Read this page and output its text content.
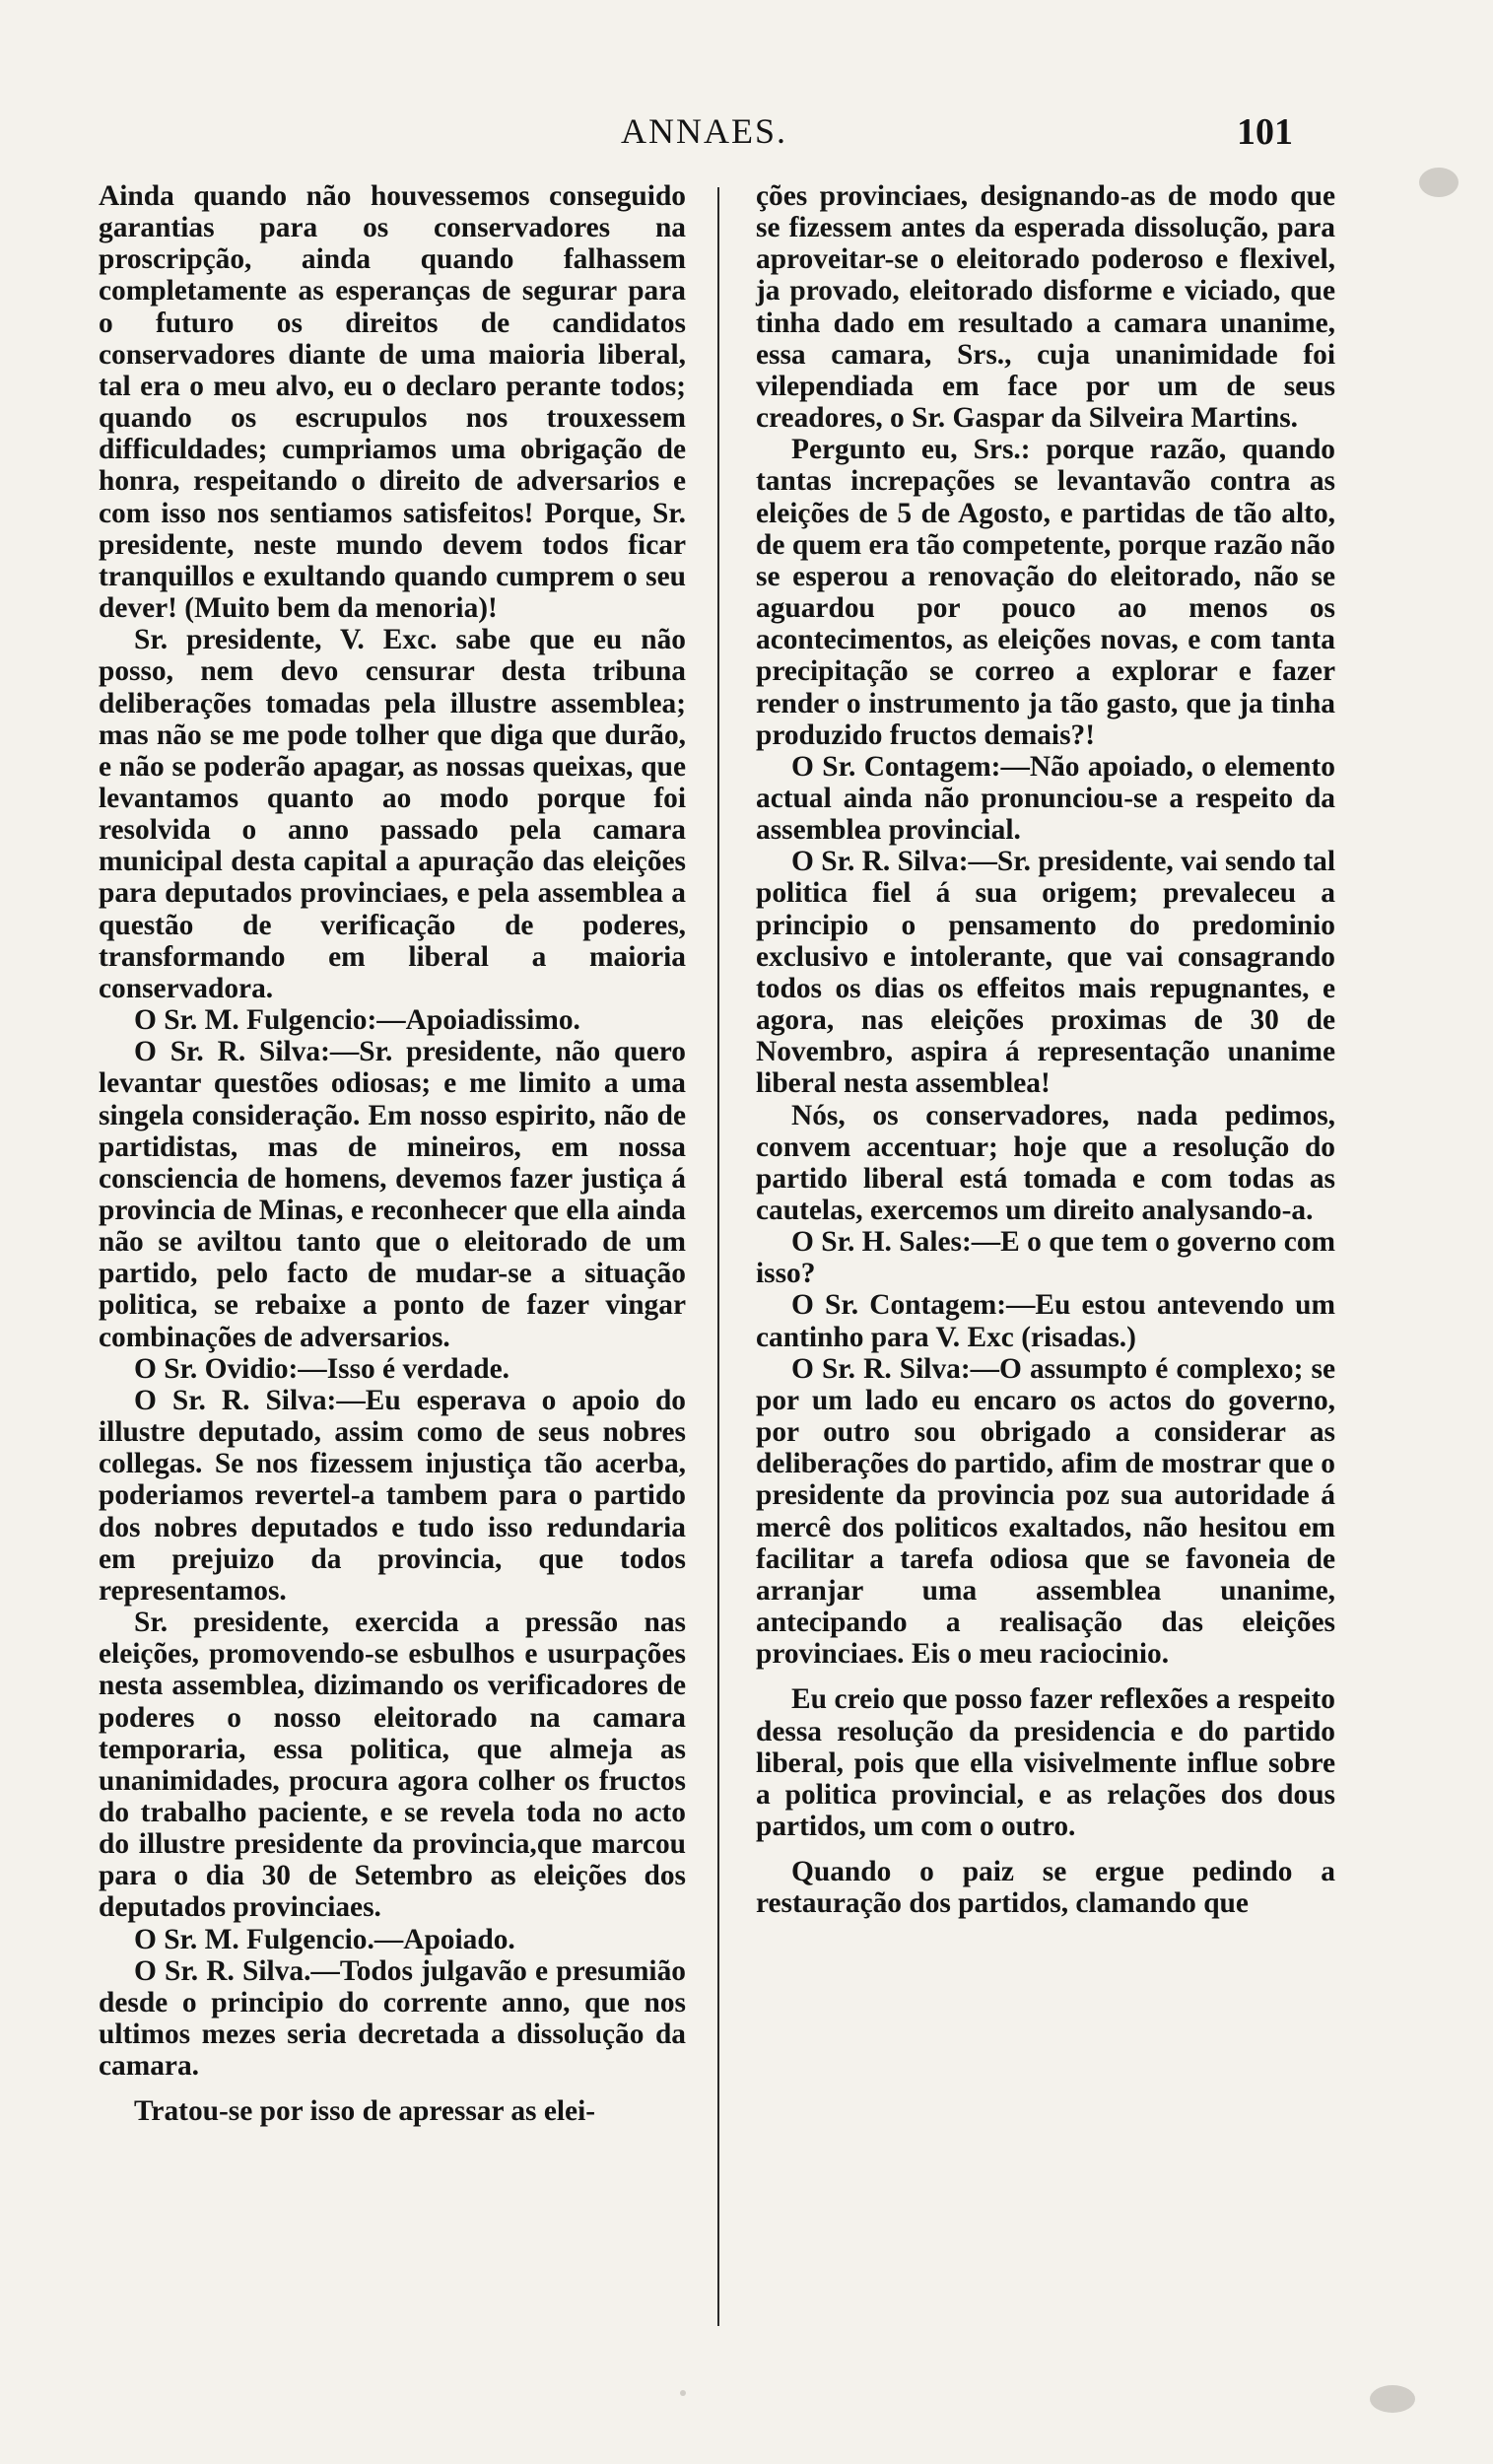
ANNAES.	101

Ainda quando não houvessemos conseguido garantias para os conservadores na proscripção, ainda quando falhassem completamente as esperanças de segurar para o futuro os direitos de candidatos conservadores diante de uma maioria liberal, tal era o meu alvo, eu o declaro perante todos; quando os escrupulos nos trouxessem difficuldades; cumpriamos uma obrigação de honra, respeitando o direito de adversarios e com isso nos sentiamos satisfeitos! Porque, Sr. presidente, neste mundo devem todos ficar tranquillos e exultando quando cumprem o seu dever! (Muito bem da menoria)!

Sr. presidente, V. Exc. sabe que eu não posso, nem devo censurar desta tribuna deliberações tomadas pela illustre assemblea; mas não se me pode tolher que diga que durão, e não se poderão apagar, as nossas queixas, que levantamos quanto ao modo porque foi resolvida o anno passado pela camara municipal desta capital a apuração das eleições para deputados provinciaes, e pela assemblea a questão de verificação de poderes, transformando em liberal a maioria conservadora.

O Sr. M. Fulgencio:—Apoiadissimo.

O Sr. R. Silva:—Sr. presidente, não quero levantar questões odiosas; e me limito a uma singela consideração. Em nosso espirito, não de partidistas, mas de mineiros, em nossa consciencia de homens, devemos fazer justiça á provincia de Minas, e reconhecer que ella ainda não se aviltou tanto que o eleitorado de um partido, pelo facto de mudar-se a situação politica, se rebaixe a ponto de fazer vingar combinações de adversarios.

O Sr. Ovidio:—Isso é verdade.

O Sr. R. Silva:—Eu esperava o apoio do illustre deputado, assim como de seus nobres collegas. Se nos fizessem injustiça tão acerba, poderiamos revertel-a tambem para o partido dos nobres deputados e tudo isso redundaria em prejuizo da provincia, que todos representamos.

Sr. presidente, exercida a pressão nas eleições, promovendo-se esbulhos e usurpações nesta assemblea, dizimando os verificadores de poderes o nosso eleitorado na camara temporaria, essa politica, que almeja as unanimidades, procura agora colher os fructos do trabalho paciente, e se revela toda no acto do illustre presidente da provincia,que marcou para o dia 30 de Setembro as eleições dos deputados provinciaes.

O Sr. M. Fulgencio.—Apoiado.

O Sr. R. Silva.—Todos julgavão e presumião desde o principio do corrente anno, que nos ultimos mezes seria decretada a dissolução da camara.

Tratou-se por isso de apressar as elei-

ções provinciaes, designando-as de modo que se fizessem antes da esperada dissolução, para aproveitar-se o eleitorado poderoso e flexivel, ja provado, eleitorado disforme e viciado, que tinha dado em resultado a camara unanime, essa camara, Srs., cuja unanimidade foi vilependiada em face por um de seus creadores, o Sr. Gaspar da Silveira Martins.

Pergunto eu, Srs.: porque razão, quando tantas increpações se levantavão contra as eleições de 5 de Agosto, e partidas de tão alto, de quem era tão competente, porque razão não se esperou a renovação do eleitorado, não se aguardou por pouco ao menos os acontecimentos, as eleições novas, e com tanta precipitação se correo a explorar e fazer render o instrumento ja tão gasto, que ja tinha produzido fructos demais?!

O Sr. Contagem:—Não apoiado, o elemento actual ainda não pronunciou-se a respeito da assemblea provincial.

O Sr. R. Silva:—Sr. presidente, vai sendo tal politica fiel á sua origem; prevaleceu a principio o pensamento do predominio exclusivo e intolerante, que vai consagrando todos os dias os effeitos mais repugnantes, e agora, nas eleições proximas de 30 de Novembro, aspira á representação unanime liberal nesta assemblea!

Nós, os conservadores, nada pedimos, convem accentuar; hoje que a resolução do partido liberal está tomada e com todas as cautelas, exercemos um direito analysando-a.

O Sr. H. Sales:—E o que tem o governo com isso?

O Sr. Contagem:—Eu estou antevendo um cantinho para V. Exc (risadas.)

O Sr. R. Silva:—O assumpto é complexo; se por um lado eu encaro os actos do governo, por outro sou obrigado a considerar as deliberações do partido, afim de mostrar que o presidente da provincia poz sua autoridade á mercê dos politicos exaltados, não hesitou em facilitar a tarefa odiosa que se favoneia de arranjar uma assemblea unanime, antecipando a realisação das eleições provinciaes. Eis o meu raciocinio.

Eu creio que posso fazer reflexões a respeito dessa resolução da presidencia e do partido liberal, pois que ella visivelmente influe sobre a politica provincial, e as relações dos dous partidos, um com o outro.

Quando o paiz se ergue pedindo a restauração dos partidos, clamando que
